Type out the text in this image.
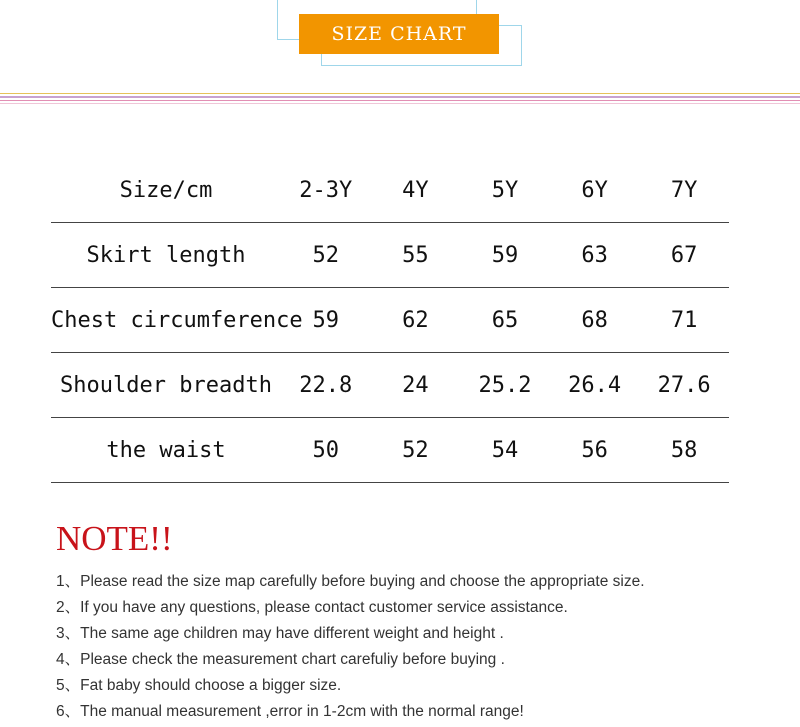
SIZE CHART
Size/cm	2-3Y	4Y	5Y	6Y	7Y
Skirt length	52	55	59	63	67
Chest circumference 59	62	65	68	71
Shoulder breadth	22.8	24	25.2	26.4	27.6
the waist	50	52	54	56	58
NOTE!!
1、Please read the size map carefully before buying and choose the appropriate size.
2、If you have any questions, please contact customer service assistance.
3、The same age children may have different weight and height .
4、Please check the measurement chart carefuliy before buying .
5、Fat baby should choose a bigger size.
6、The manual measurement ,error in 1-2cm with the normal range!
